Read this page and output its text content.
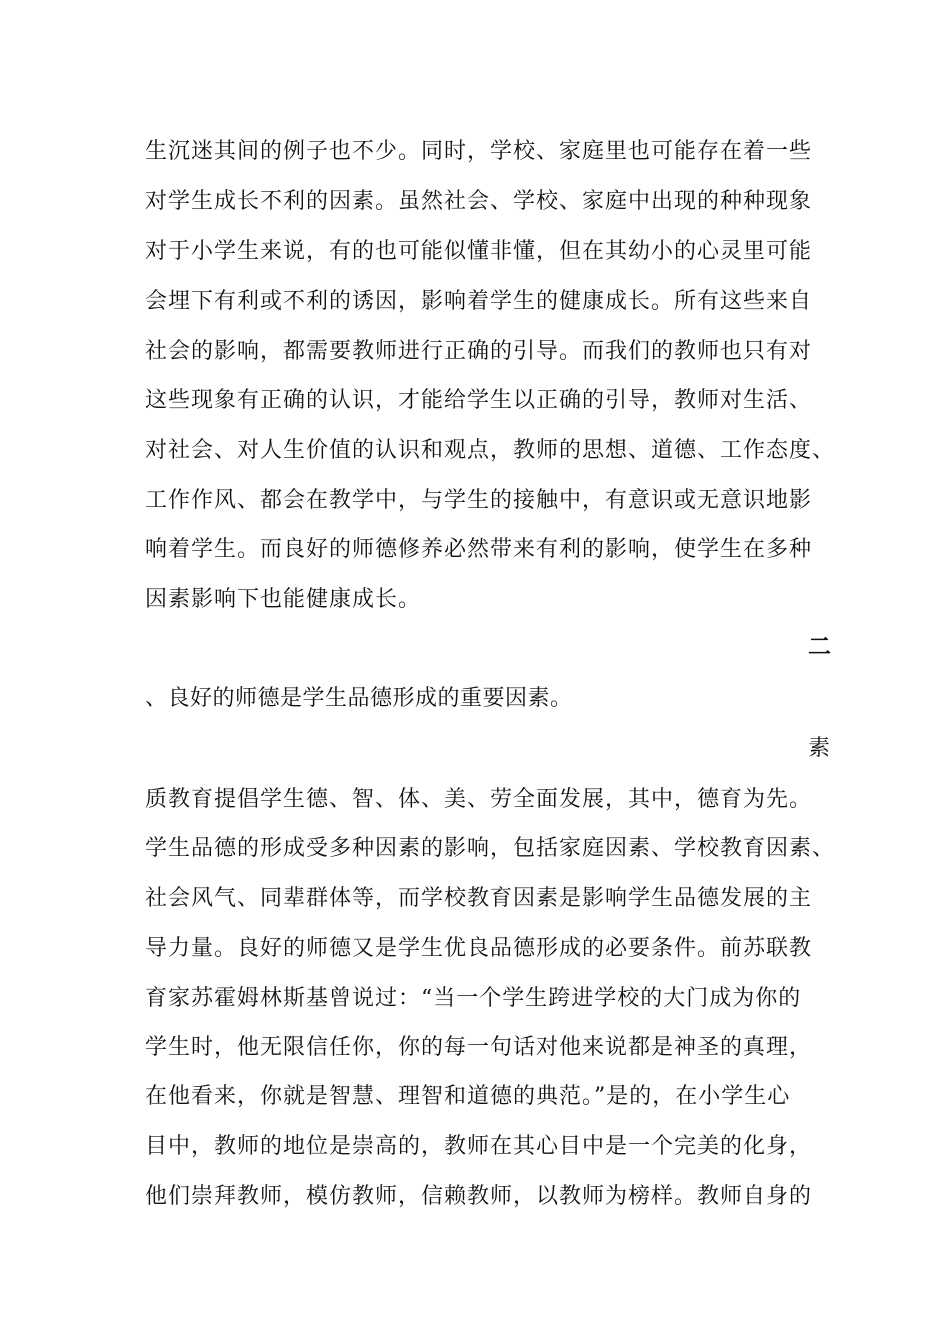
生沉迷其间的例子也不少。同时，学校、家庭里也可能存在着一些
对学生成长不利的因素。虽然社会、学校、家庭中出现的种种现象
对于小学生来说，有的也可能似懂非懂，但在其幼小的心灵里可能
会埋下有利或不利的诱因，影响着学生的健康成长。所有这些来自
社会的影响，都需要教师进行正确的引导。而我们的教师也只有对
这些现象有正确的认识，才能给学生以正确的引导，教师对生活、
对社会、对人生价值的认识和观点，教师的思想、道德、工作态度、
工作作风、都会在教学中，与学生的接触中，有意识或无意识地影
响着学生。而良好的师德修养必然带来有利的影响，使学生在多种
因素影响下也能健康成长。
二
、良好的师德是学生品德形成的重要因素。
素
质教育提倡学生德、智、体、美、劳全面发展，其中，德育为先。
学生品德的形成受多种因素的影响，包括家庭因素、学校教育因素、
社会风气、同辈群体等，而学校教育因素是影响学生品德发展的主
导力量。良好的师德又是学生优良品德形成的必要条件。前苏联教
育家苏霍姆林斯基曾说过：“当一个学生跨进学校的大门成为你的
学生时，他无限信任你，你的每一句话对他来说都是神圣的真理，
在他看来，你就是智慧、理智和道德的典范。”是的，在小学生心
目中，教师的地位是崇高的，教师在其心目中是一个完美的化身，
他们崇拜教师，模仿教师，信赖教师，以教师为榜样。教师自身的
